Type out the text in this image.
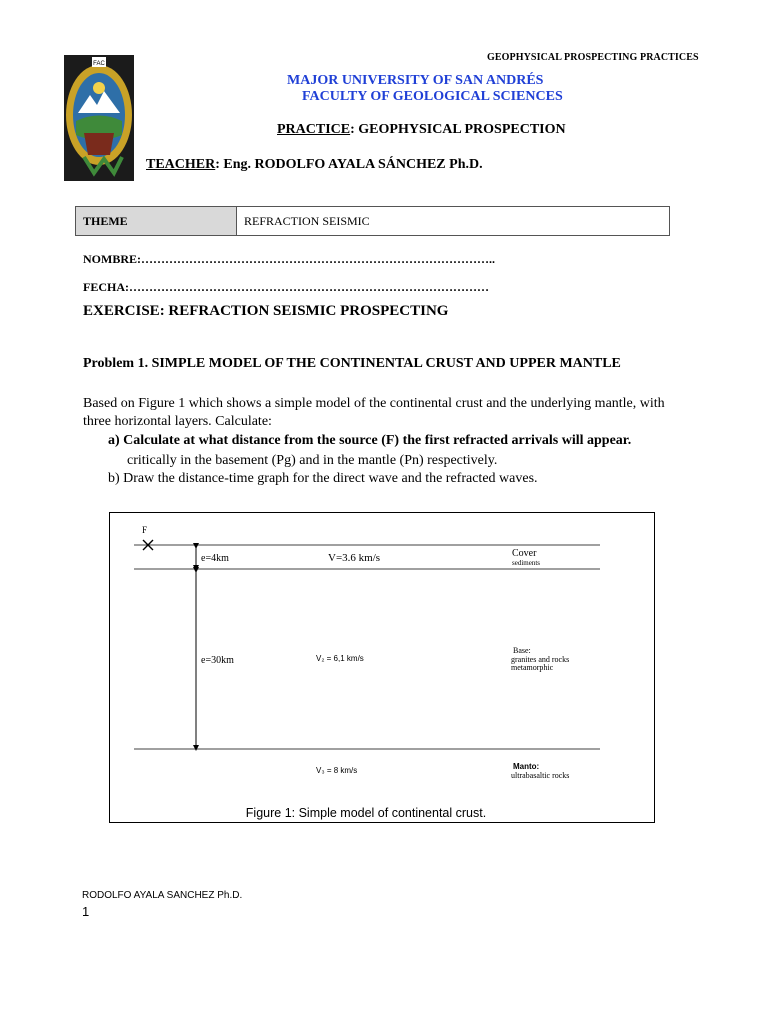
GEOPHYSICAL PROSPECTING PRACTICES
FAC
MAJOR UNIVERSITY OF SAN ANDRÉS
FACULTY OF GEOLOGICAL SCIENCES
PRACTICE: GEOPHYSICAL PROSPECTION
TEACHER: Eng. RODOLFO AYALA SÁNCHEZ Ph.D.
THEME	REFRACTION SEISMIC
NOMBRE:……………………………………………………………………………..
FECHA:………………………………………………………………………………
EXERCISE: REFRACTION SEISMIC PROSPECTING
Problem 1. SIMPLE MODEL OF THE CONTINENTAL CRUST AND UPPER MANTLE
Based on Figure 1 which shows a simple model of the continental crust and the underlying mantle, with three horizontal layers. Calculate:
a) Calculate at what distance from the source (F) the first refracted arrivals will appear.
critically in the basement (Pg) and in the mantle (Pn) respectively.
b) Draw the distance-time graph for the direct wave and the refracted waves.
F
e=4km	V=3.6 km/s	Cover
sediments
e=30km	V₂ = 6,1 km/s
Base:
granites and rocks
metamorphic
V₃ = 8 km/s	Manto:
ultrabasaltic rocks
Figure 1: Simple model of continental crust.
RODOLFO AYALA SANCHEZ Ph.D.
1
